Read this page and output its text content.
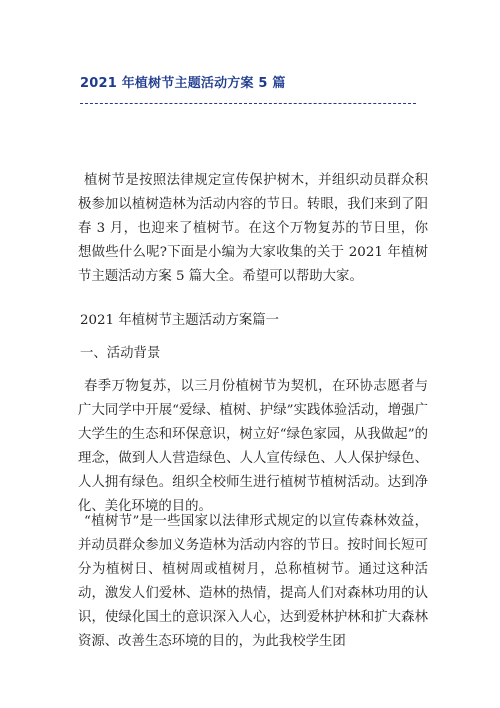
2021 年植树节主题活动方案 5 篇

植树节是按照法律规定宣传保护树木，并组织动员群众积极参加以植树造林为活动内容的节日。转眼，我们来到了阳春 3 月，也迎来了植树节。在这个万物复苏的节日里，你想做些什么呢?下面是小编为大家收集的关于 2021 年植树节主题活动方案 5 篇大全。希望可以帮助大家。

2021 年植树节主题活动方案篇一

一、活动背景

春季万物复苏，以三月份植树节为契机，在环协志愿者与广大同学中开展“爱绿、植树、护绿”实践体验活动，增强广大学生的生态和环保意识，树立好“绿色家园，从我做起”的理念，做到人人营造绿色、人人宣传绿色、人人保护绿色、人人拥有绿色。组织全校师生进行植树节植树活动。达到净化、美化环境的目的。

“植树节”是一些国家以法律形式规定的以宣传森林效益，并动员群众参加义务造林为活动内容的节日。按时间长短可分为植树日、植树周或植树月，总称植树节。通过这种活动，激发人们爱林、造林的热情，提高人们对森林功用的认识，使绿化国土的意识深入人心，达到爱林护林和扩大森林资源、改善生态环境的目的，为此我校学生团
